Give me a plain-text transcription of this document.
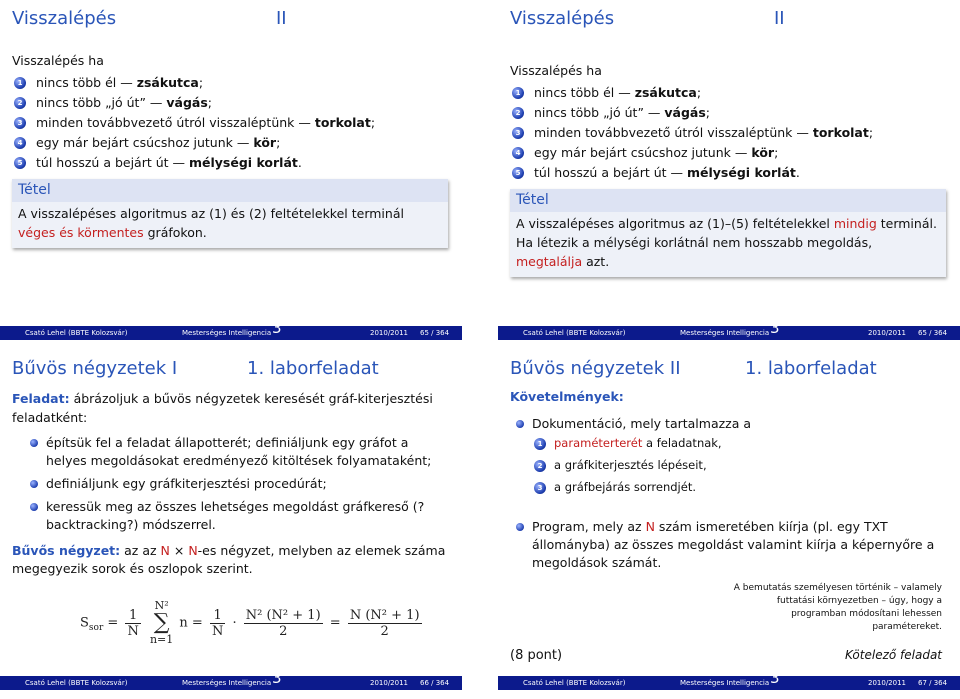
Visszalépés	II
Visszalépés ha
1 nincs több él — zsákutca;
2 nincs több „jó út” — vágás;
3 minden továbbvezető útról visszaléptünk — torkolat;
4 egy már bejárt csúcshoz jutunk — kör;
5 túl hosszú a bejárt út — mélységi korlát.
Tétel
A visszalépéses algoritmus az (1) és (2) feltételekkel terminál véges és körmentes gráfokon.
Csató Lehel (BBTE Kolozsvár)	Mesterséges Intelligencia 3	2010/2011 65 / 364
Visszalépés	II
Visszalépés ha
1 nincs több él — zsákutca;
2 nincs több „jó út” — vágás;
3 minden továbbvezető útról visszaléptünk — torkolat;
4 egy már bejárt csúcshoz jutunk — kör;
5 túl hosszú a bejárt út — mélységi korlát.
Tétel
A visszalépéses algoritmus az (1)–(5) feltételekkel mindig terminál.
Ha létezik a mélységi korlátnál nem hosszabb megoldás, megtalálja azt.
Csató Lehel (BBTE Kolozsvár)	Mesterséges Intelligencia 3	2010/2011 65 / 364
Bűvös négyzetek I	1. laborfeladat
Feladat: ábrázoljuk a bűvös négyzetek keresését gráf-kiterjesztési feladatként:
építsük fel a feladat állapotterét; definiáljunk egy gráfot a helyes megoldásokat eredményező kitöltések folyamataként;
definiáljunk egy gráfkiterjesztési procedúrát;
keressük meg az összes lehetséges megoldást gráfkereső (?backtracking?) módszerrel.
Bűvős négyzet: az az N × N-es négyzet, melyben az elemek száma megegyezik sorok és oszlopok szerint.
$S_{sor} = \frac{1}{N}$
N²
∑
n=1 $n = \frac{1}{N} \cdot \frac{\text{N² (N² + 1)}}{2} = \frac{\text{N (N² + 1)}}{2}$
Csató Lehel (BBTE Kolozsvár)	Mesterséges Intelligencia 3	2010/2011 66 / 364
Bűvös négyzetek II	1. laborfeladat
Követelmények:
Dokumentáció, mely tartalmazza a
1	paraméterterét a feladatnak,
2	a gráfkiterjesztés lépéseit,
3	a gráfbejárás sorrendjét.
Program, mely az N szám ismeretében kiírja (pl. egy TXT állományba) az összes megoldást valamint kiírja a képernyőre a megoldások számát.
A bemutatás személyesen történik – valamely futtatási környezetben – úgy, hogy a programban módosítani lehessen paramétereket.
(8 pont)	Kötelező feladat
Csató Lehel (BBTE Kolozsvár)	Mesterséges Intelligencia 3	2010/2011 67 / 364
